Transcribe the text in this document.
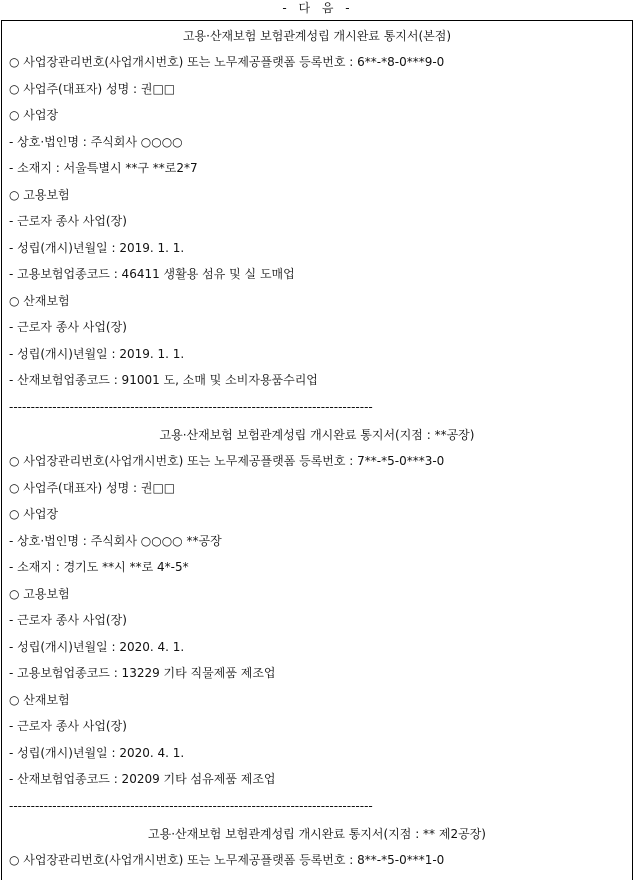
- 다 음 -
고용·산재보험 보험관계성립 개시완료 통지서(본점)
○ 사업장관리번호(사업개시번호) 또는 노무제공플랫폼 등록번호 : 6**-*8-0***9-0
○ 사업주(대표자) 성명 : 권□□
○ 사업장
- 상호·법인명 : 주식회사 ○○○○
- 소재지 : 서울특별시 **구 **로2*7
○ 고용보험
- 근로자 종사 사업(장)
- 성립(개시)년월일 : 2019. 1. 1.
- 고용보험업종코드 : 46411 생활용 섬유 및 실 도매업
○ 산재보험
- 근로자 종사 사업(장)
- 성립(개시)년월일 : 2019. 1. 1.
- 산재보험업종코드 : 91001 도, 소매 및 소비자용품수리업
------------------------------------------------------------------------------------
고용·산재보험 보험관계성립 개시완료 통지서(지점 : **공장)
○ 사업장관리번호(사업개시번호) 또는 노무제공플랫폼 등록번호 : 7**-*5-0***3-0
○ 사업주(대표자) 성명 : 권□□
○ 사업장
- 상호·법인명 : 주식회사 ○○○○ **공장
- 소재지 : 경기도 **시 **로 4*-5*
○ 고용보험
- 근로자 종사 사업(장)
- 성립(개시)년월일 : 2020. 4. 1.
- 고용보험업종코드 : 13229 기타 직물제품 제조업
○ 산재보험
- 근로자 종사 사업(장)
- 성립(개시)년월일 : 2020. 4. 1.
- 산재보험업종코드 : 20209 기타 섬유제품 제조업
------------------------------------------------------------------------------------
고용·산재보험 보험관계성립 개시완료 통지서(지점 : ** 제2공장)
○ 사업장관리번호(사업개시번호) 또는 노무제공플랫폼 등록번호 : 8**-*5-0***1-0
